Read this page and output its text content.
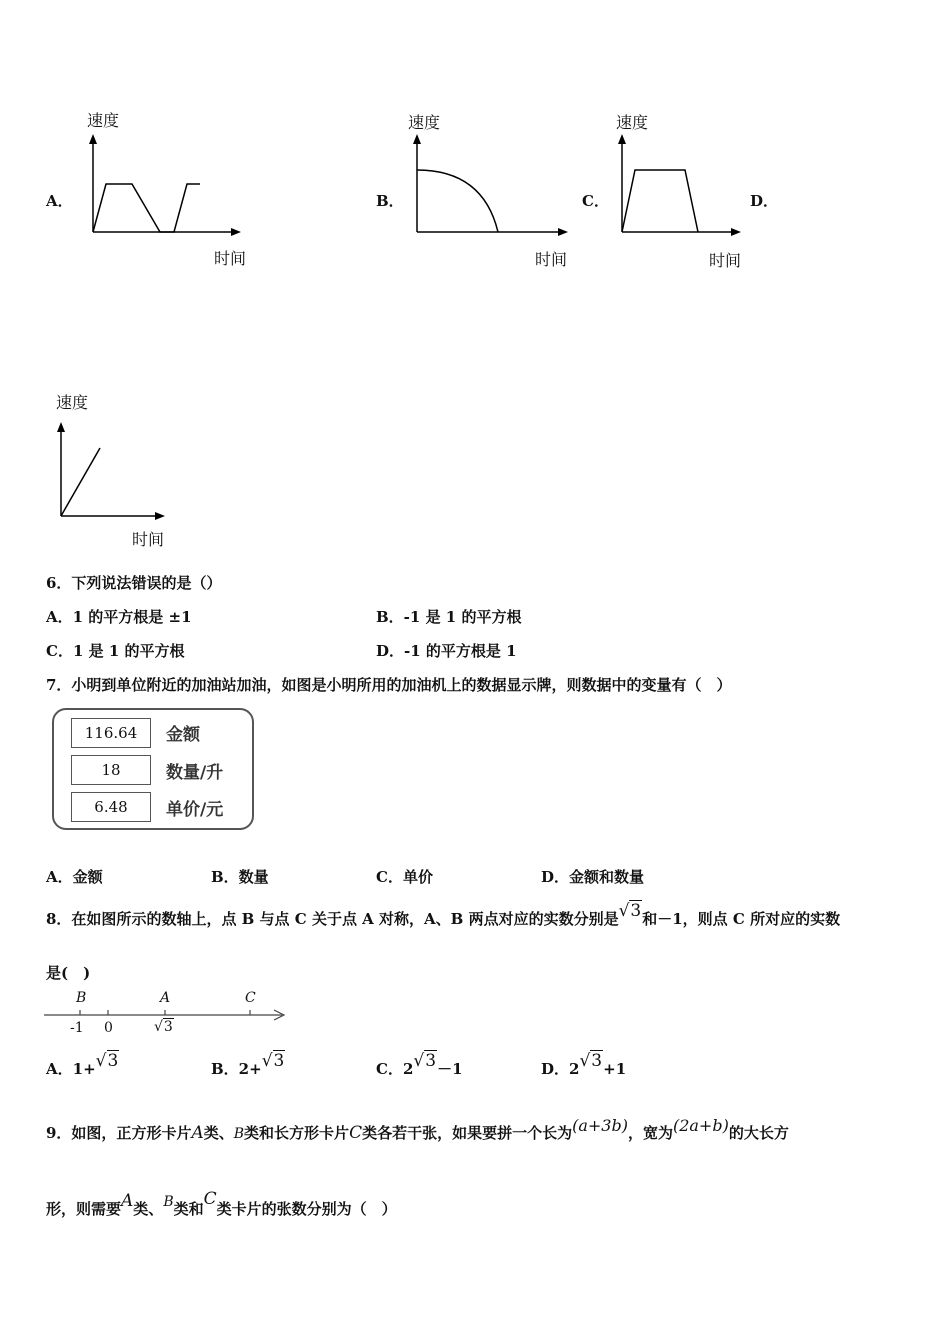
A．
速度
时间
B．
速度
时间
C．
速度
时间
D．
速度
时间
6．下列说法错误的是（）
A．1 的平方根是 ±1	B．-1 是 1 的平方根
C．1 是 1 的平方根	D．-1 的平方根是 1
7．小明到单位附近的加油站加油，如图是小明所用的加油机上的数据显示牌，则数据中的变量有（　）
116.64	金额
18	数量/升
6.48	单价/元
A．金额	B．数量	C．单价	D．金额和数量
8．在如图所示的数轴上，点 B 与点 C 关于点 A 对称，A、B 两点对应的实数分别是√3和－1，则点 C 所对应的实数
是(　)
B	A	C
-1 0	√3
A．1+√3	B．2+√3	C．2√3－1	D．2√3+1
9．如图，正方形卡片A类、B类和长方形卡片C类各若干张，如果要拼一个长为(a+3b)，宽为(2a+b)的大长方
形，则需要A类、B类和C类卡片的张数分别为（　）
